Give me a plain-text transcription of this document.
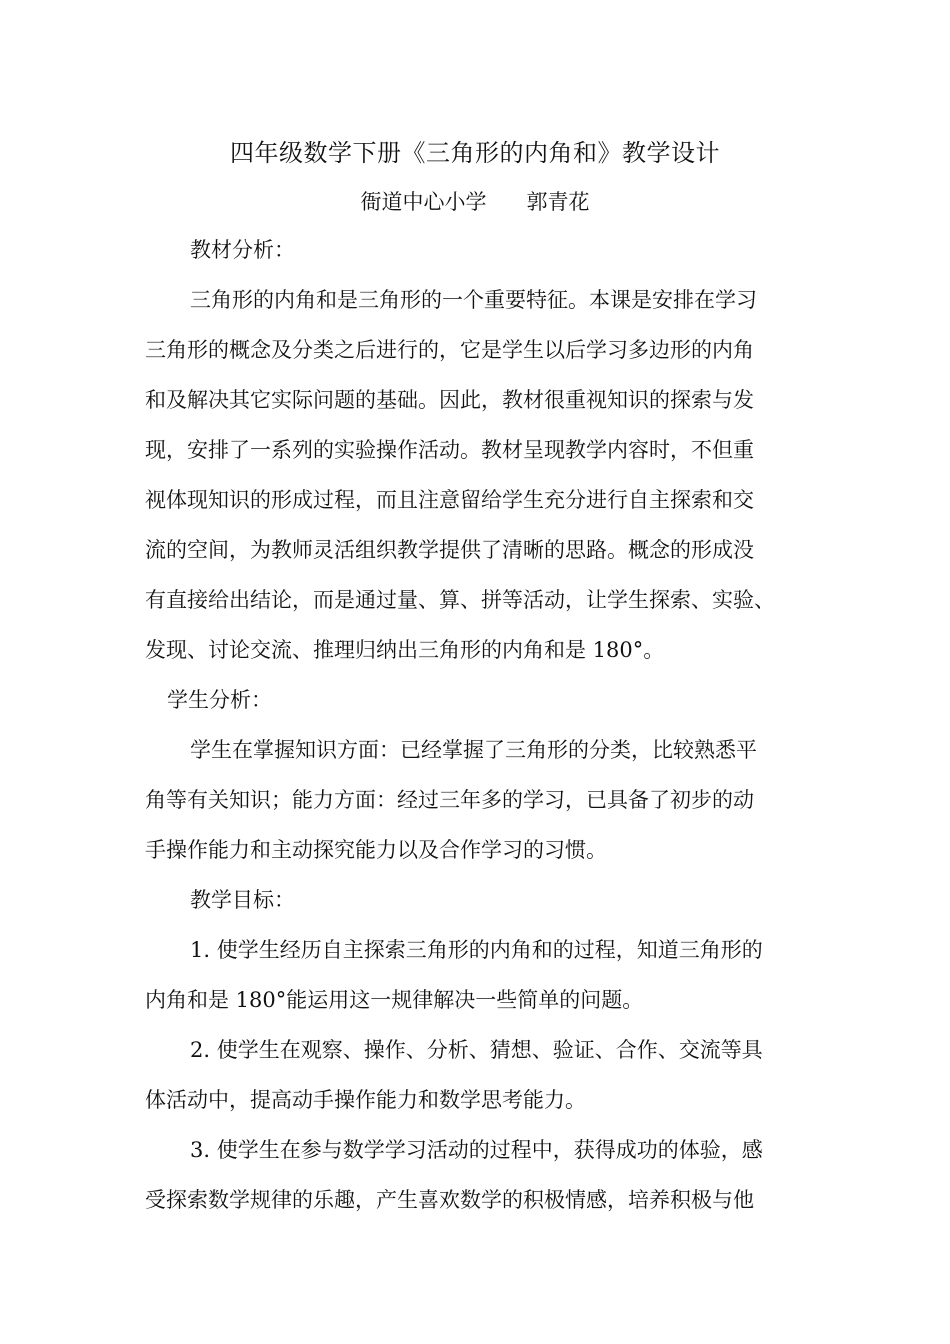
四年级数学下册《三角形的内角和》教学设计
衙道中心小学      郭青花
教材分析：
三角形的内角和是三角形的一个重要特征。本课是安排在学习
三角形的概念及分类之后进行的，它是学生以后学习多边形的内角
和及解决其它实际问题的基础。因此，教材很重视知识的探索与发
现，安排了一系列的实验操作活动。教材呈现教学内容时，不但重
视体现知识的形成过程，而且注意留给学生充分进行自主探索和交
流的空间，为教师灵活组织教学提供了清晰的思路。概念的形成没
有直接给出结论，而是通过量、算、拼等活动，让学生探索、实验、
发现、讨论交流、推理归纳出三角形的内角和是 180°。
学生分析：
学生在掌握知识方面：已经掌握了三角形的分类，比较熟悉平
角等有关知识；能力方面：经过三年多的学习，已具备了初步的动
手操作能力和主动探究能力以及合作学习的习惯。
教学目标：
1. 使学生经历自主探索三角形的内角和的过程，知道三角形的
内角和是 180°能运用这一规律解决一些简单的问题。
2. 使学生在观察、操作、分析、猜想、验证、合作、交流等具
体活动中，提高动手操作能力和数学思考能力。
3. 使学生在参与数学学习活动的过程中，获得成功的体验，感
受探索数学规律的乐趣，产生喜欢数学的积极情感，培养积极与他
